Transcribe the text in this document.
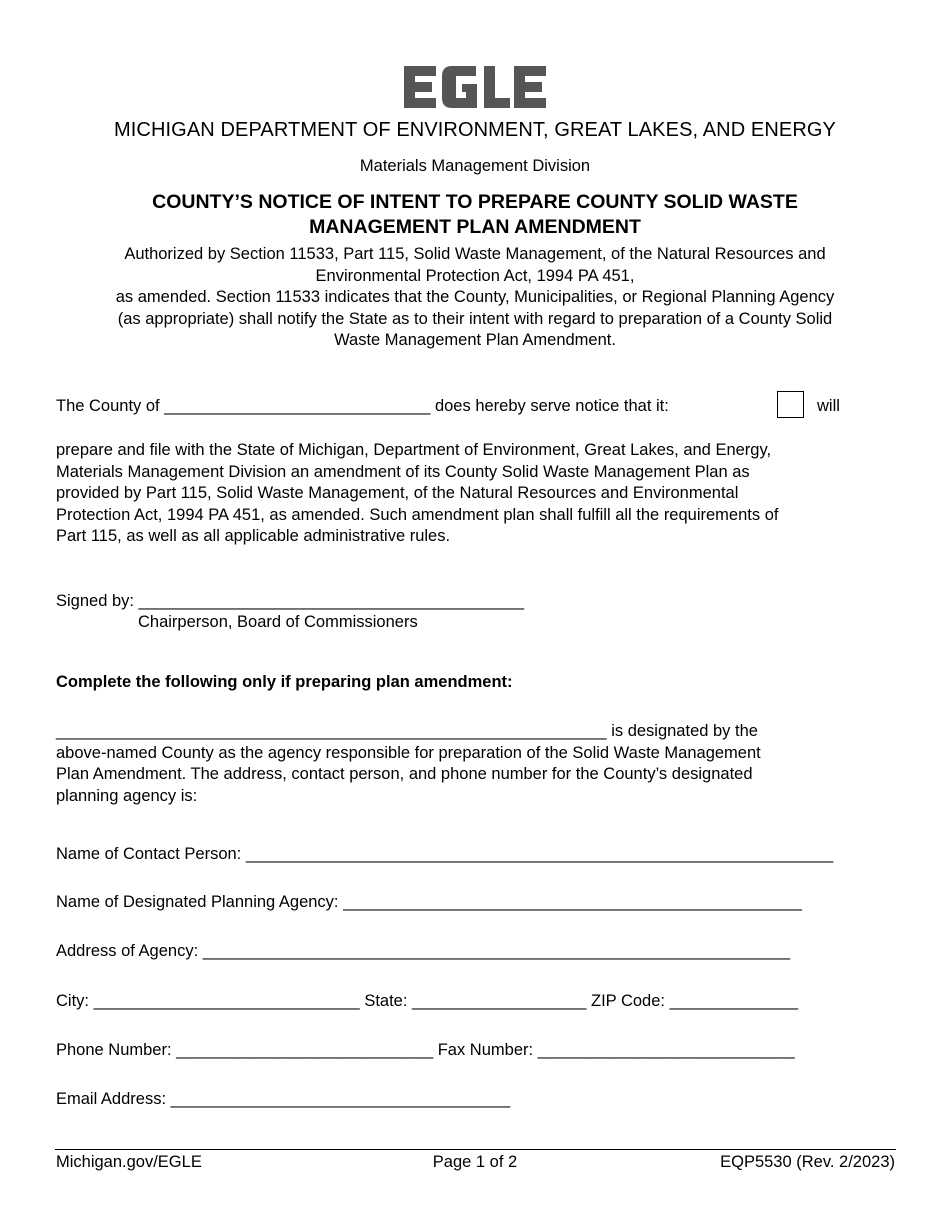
MICHIGAN DEPARTMENT OF ENVIRONMENT, GREAT LAKES, AND ENERGY
Materials Management Division
COUNTY’S NOTICE OF INTENT TO PREPARE COUNTY SOLID WASTE
MANAGEMENT PLAN AMENDMENT
Authorized by Section 11533, Part 115, Solid Waste Management, of the Natural Resources and
Environmental Protection Act, 1994 PA 451,
as amended. Section 11533 indicates that the County, Municipalities, or Regional Planning Agency
(as appropriate) shall notify the State as to their intent with regard to preparation of a County Solid
Waste Management Plan Amendment.
The County of _____________________________ does hereby serve notice that it:	will
prepare and file with the State of Michigan, Department of Environment, Great Lakes, and Energy,
Materials Management Division an amendment of its County Solid Waste Management Plan as
provided by Part 115, Solid Waste Management, of the Natural Resources and Environmental
Protection Act, 1994 PA 451, as amended. Such amendment plan shall fulfill all the requirements of
Part 115, as well as all applicable administrative rules.
Signed by: __________________________________________
Chairperson, Board of Commissioners
Complete the following only if preparing plan amendment:
____________________________________________________________ is designated by the
above-named County as the agency responsible for preparation of the Solid Waste Management
Plan Amendment. The address, contact person, and phone number for the County’s designated
planning agency is:
Name of Contact Person: ________________________________________________________________
Name of Designated Planning Agency: __________________________________________________
Address of Agency: ________________________________________________________________
City: _____________________________ State: ___________________ ZIP Code: ______________
Phone Number: ____________________________ Fax Number: ____________________________
Email Address: _____________________________________
Michigan.gov/EGLE	Page 1 of 2	EQP5530 (Rev. 2/2023)
